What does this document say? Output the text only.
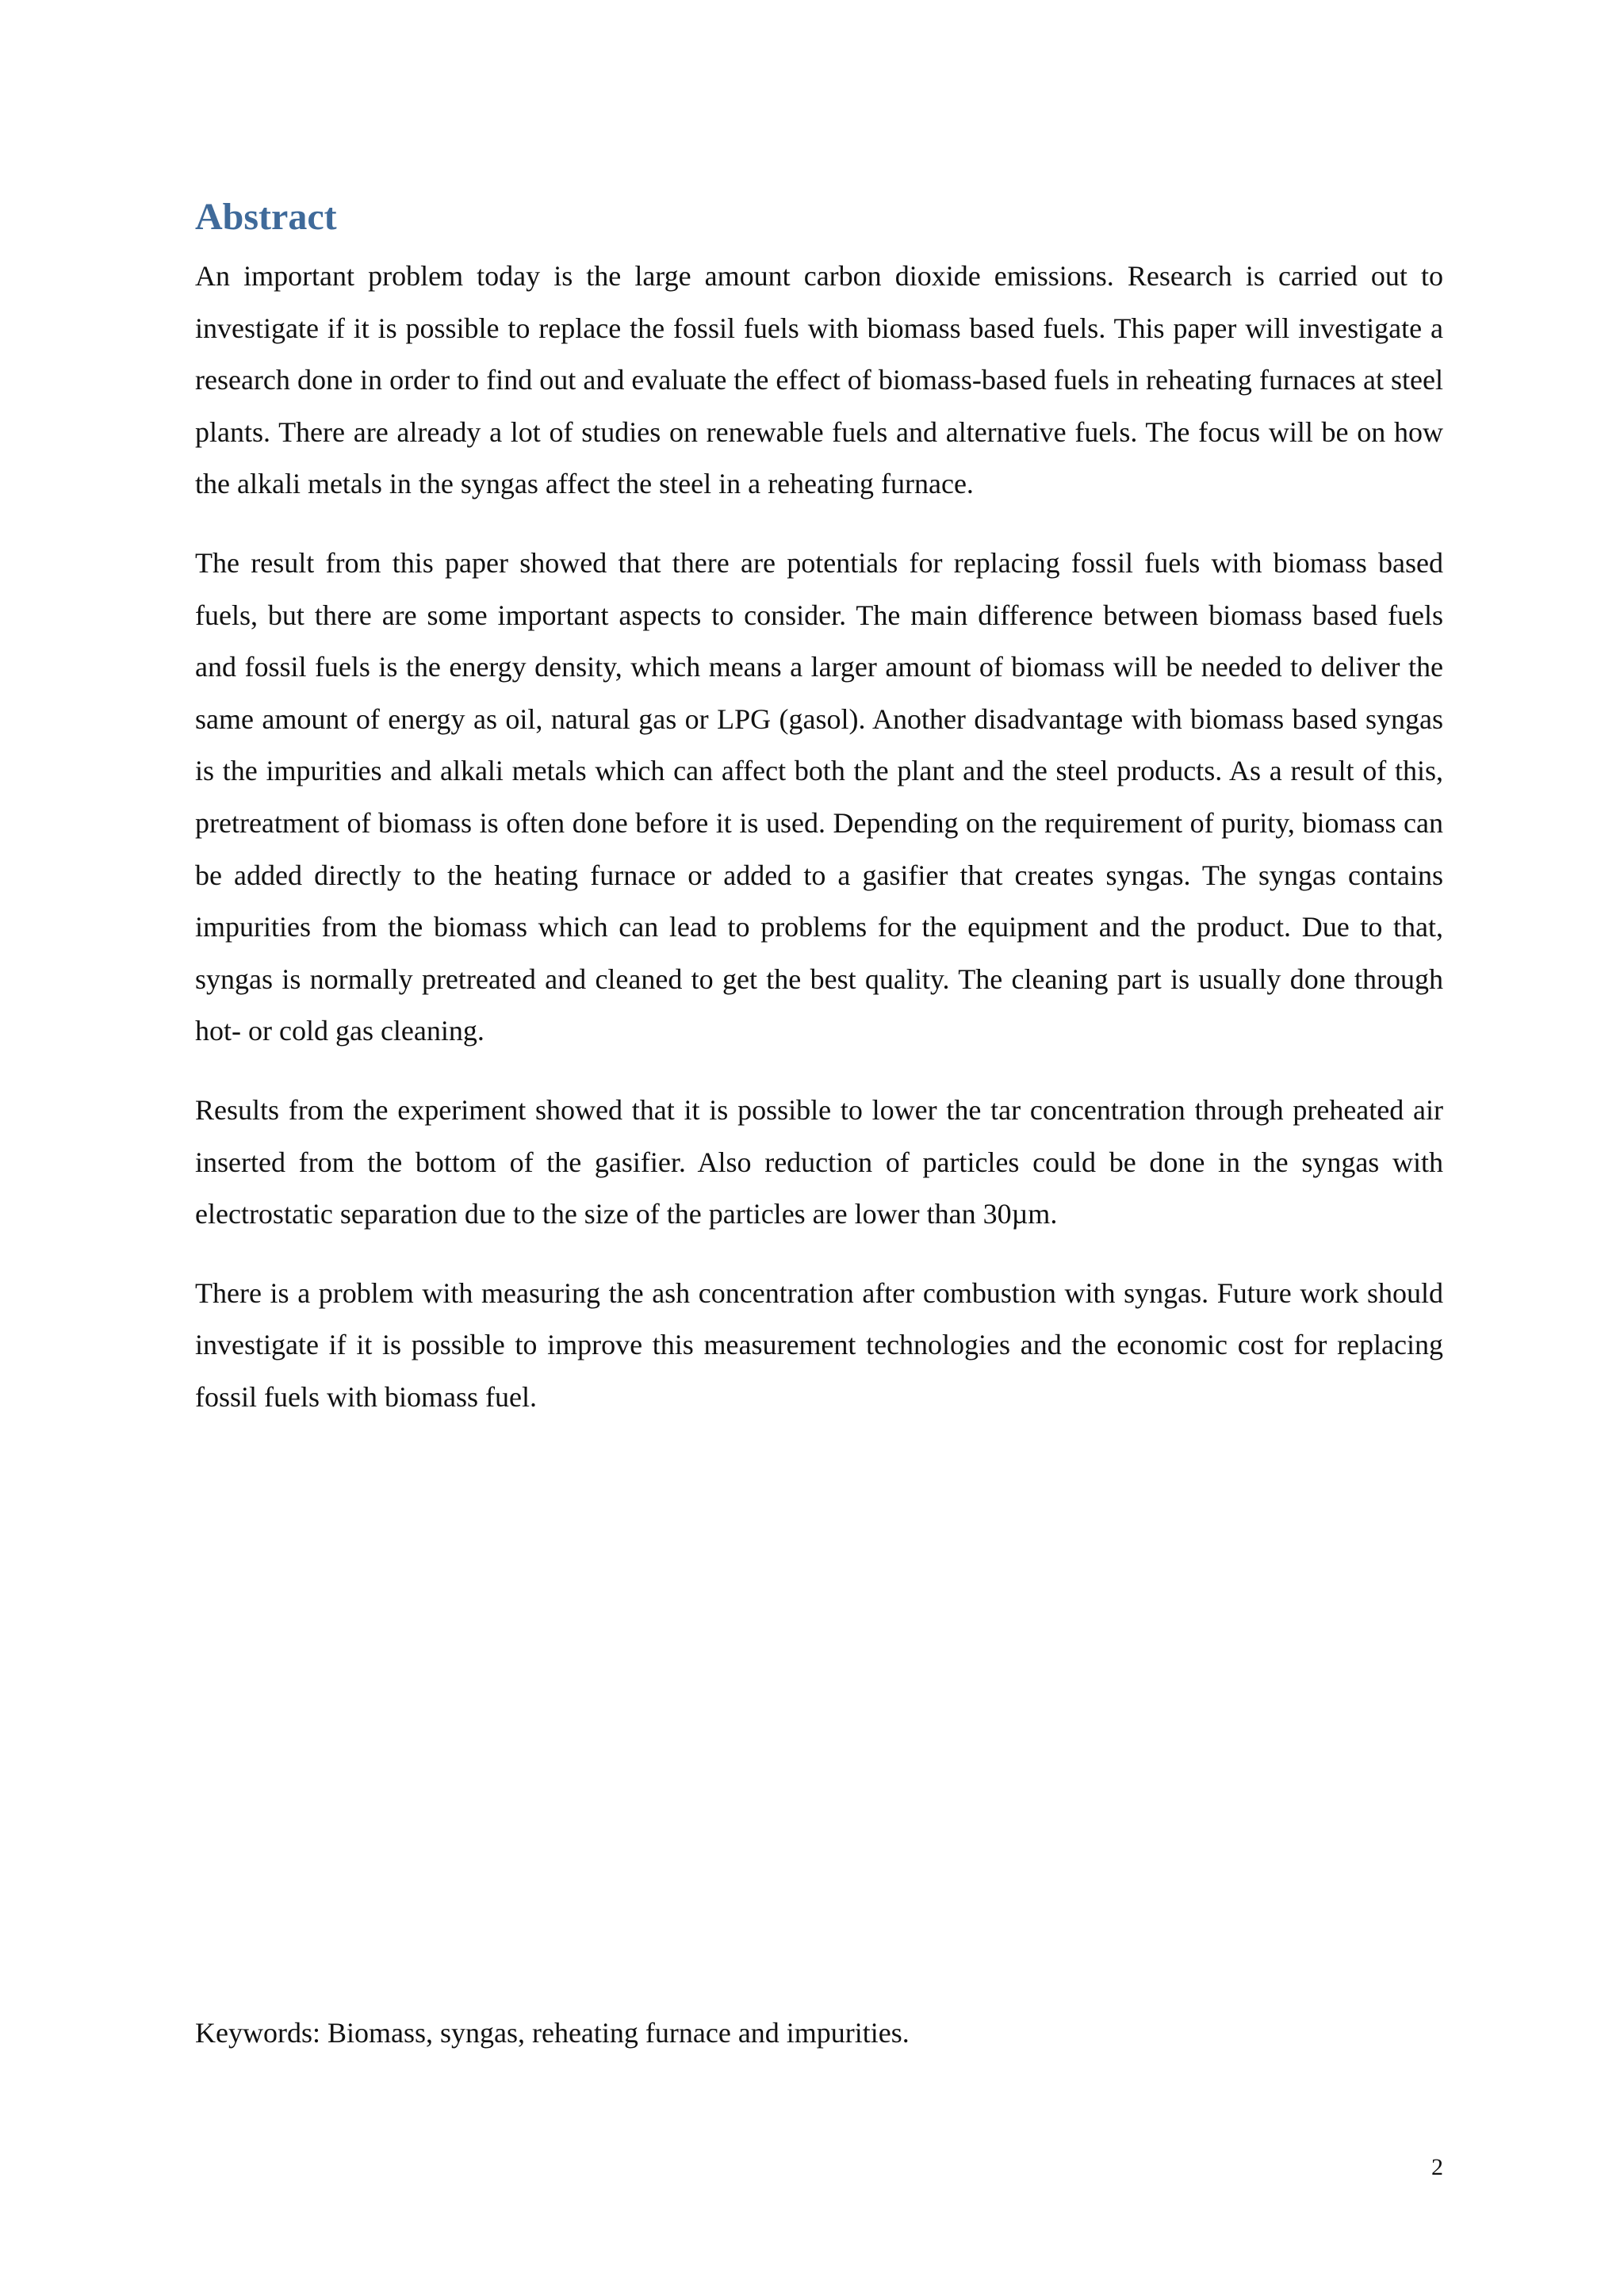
Abstract

An important problem today is the large amount carbon dioxide emissions. Research is carried out to investigate if it is possible to replace the fossil fuels with biomass based fuels. This paper will investigate a research done in order to find out and evaluate the effect of biomass-based fuels in reheating furnaces at steel plants. There are already a lot of studies on renewable fuels and alternative fuels. The focus will be on how the alkali metals in the syngas affect the steel in a reheating furnace.

The result from this paper showed that there are potentials for replacing fossil fuels with biomass based fuels, but there are some important aspects to consider. The main difference between biomass based fuels and fossil fuels is the energy density, which means a larger amount of biomass will be needed to deliver the same amount of energy as oil, natural gas or LPG (gasol). Another disadvantage with biomass based syngas is the impurities and alkali metals which can affect both the plant and the steel products. As a result of this, pretreatment of biomass is often done before it is used. Depending on the requirement of purity, biomass can be added directly to the heating furnace or added to a gasifier that creates syngas. The syngas contains impurities from the biomass which can lead to problems for the equipment and the product. Due to that, syngas is normally pretreated and cleaned to get the best quality. The cleaning part is usually done through hot- or cold gas cleaning.

Results from the experiment showed that it is possible to lower the tar concentration through preheated air inserted from the bottom of the gasifier. Also reduction of particles could be done in the syngas with electrostatic separation due to the size of the particles are lower than 30µm.

There is a problem with measuring the ash concentration after combustion with syngas. Future work should investigate if it is possible to improve this measurement technologies and the economic cost for replacing fossil fuels with biomass fuel.

Keywords: Biomass, syngas, reheating furnace and impurities.

2
